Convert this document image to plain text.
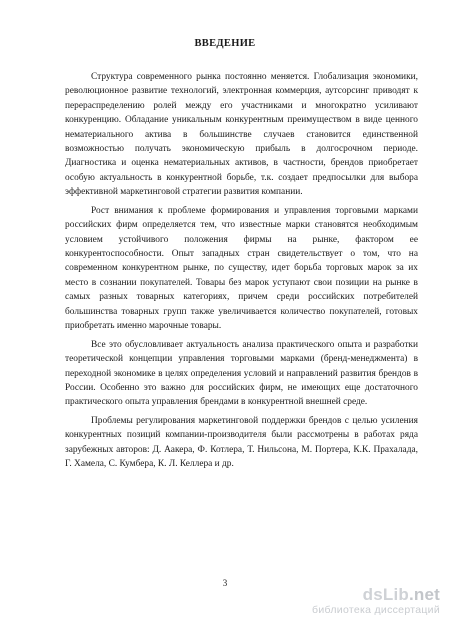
ВВЕДЕНИЕ

Структура современного рынка постоянно меняется. Глобализация экономики, революционное развитие технологий, электронная коммерция, аутсорсинг приводят к перераспределению ролей между его участниками и многократно усиливают конкуренцию. Обладание уникальным конкурентным преимуществом в виде ценного нематериального актива в большинстве случаев становится единственной возможностью получать экономическую прибыль в долгосрочном периоде. Диагностика и оценка нематериальных активов, в частности, брендов приобретает особую актуальность в конкурентной борьбе, т.к. создает предпосылки для выбора эффективной маркетинговой стратегии развития компании.

Рост внимания к проблеме формирования и управления торговыми марками российских фирм определяется тем, что известные марки становятся необходимым условием устойчивого положения фирмы на рынке, фактором ее конкурентоспособности. Опыт западных стран свидетельствует о том, что на современном конкурентном рынке, по существу, идет борьба торговых марок за их место в сознании покупателей. Товары без марок уступают свои позиции на рынке в самых разных товарных категориях, причем среди российских потребителей большинства товарных групп также увеличивается количество покупателей, готовых приобретать именно марочные товары.

Все это обусловливает актуальность анализа практического опыта и разработки теоретической концепции управления торговыми марками (бренд-менеджмента) в переходной экономике в целях определения условий и направлений развития брендов в России. Особенно это важно для российских фирм, не имеющих еще достаточного практического опыта управления брендами в конкурентной внешней среде.

Проблемы регулирования маркетинговой поддержки брендов с целью усиления конкурентных позиций компании-производителя были рассмотрены в работах ряда зарубежных авторов: Д. Аакера, Ф. Котлера, Т. Нильсона, М. Портера, К.К. Прахалада, Г. Хамела, С. Кумбера, К. Л. Келлера и др.

3
dsLib.net
библиотека диссертаций
